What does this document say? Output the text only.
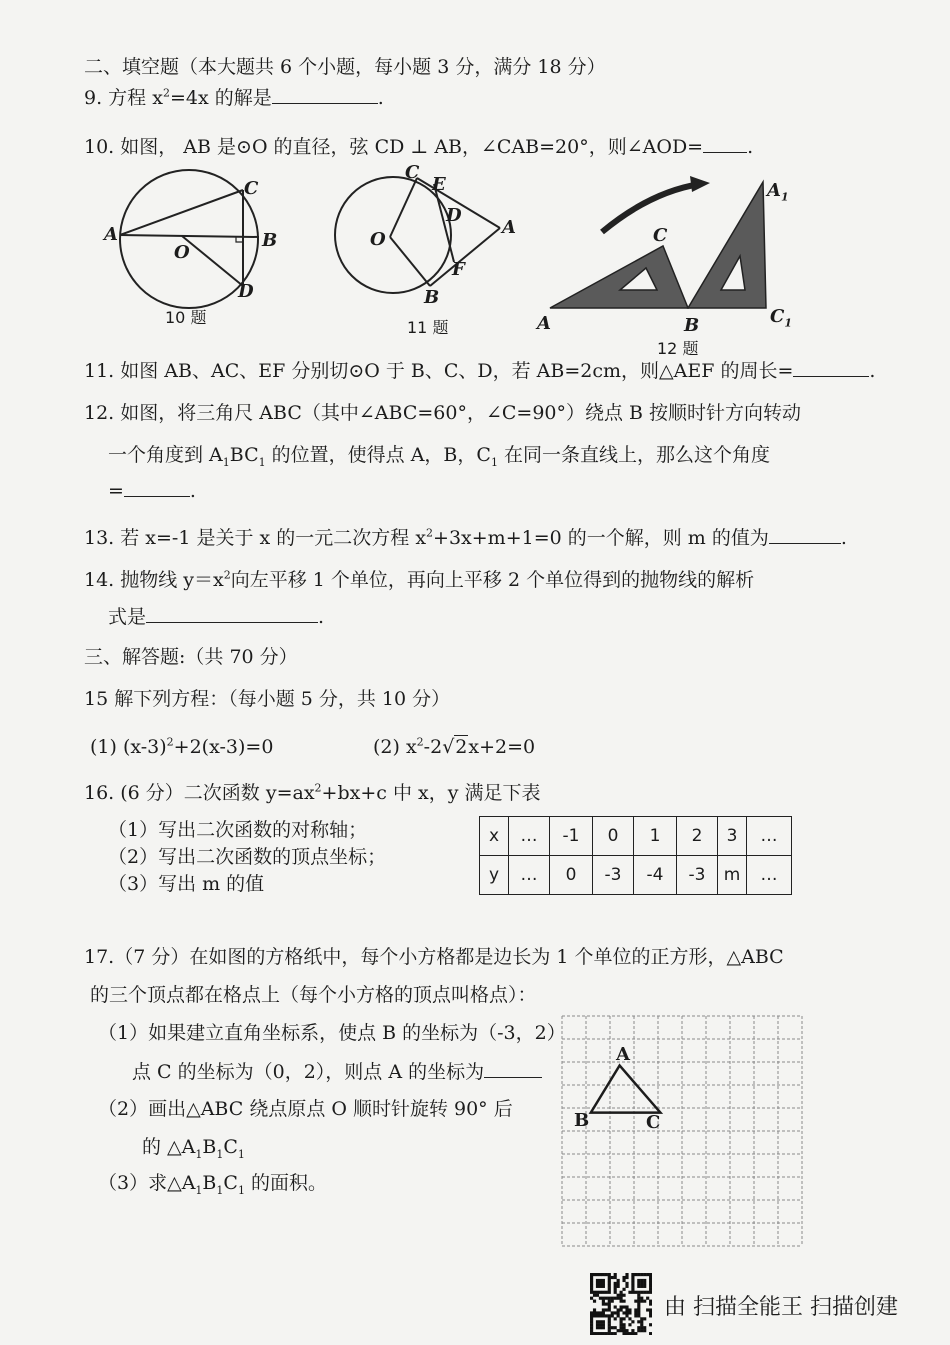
二、填空题（本大题共 6 个小题，每小题 3 分，满分 18 分）
9. 方程 $x^2=4x$ 的解是	.
10. 如图， AB 是⊙O 的直径，弦 CD ⊥ AB，∠CAB=20°，则∠AOD= .
A	B
C
D
O
10 题
C
E
D
A
F
B
O
11 题	A	B
C
$A_1$
$C_1$
12 题
11. 如图 AB、AC、EF 分别切⊙O 于 B、C、D，若 AB=2cm，则△AEF 的周长=	.
12. 如图，将三角尺 ABC（其中∠ABC=60°，∠C=90°）绕点 B 按顺时针方向转动
一个角度到 $A_1BC_1$ 的位置，使得点 A，B，$C_1$ 在同一条直线上，那么这个角度
=	.
13. 若 x=-1 是关于 x 的一元二次方程 $x^2+3x+m+1=0$ 的一个解，则 m 的值为	.
14. 抛物线 $y=x^2$向左平移 1 个单位，再向上平移 2 个单位得到的抛物线的解析
式是	.
三、解答题:（共 70 分）
15 解下列方程：（每小题 5 分，共 10 分）
(1) $(x-3)^2+2(x-3)=0$	(2) $x^2-2√2x+2=0$
16. (6 分）二次函数 $y=ax^2+bx+c$ 中 x，y 满足下表
（1）写出二次函数的对称轴；
（2）写出二次函数的顶点坐标；
（3）写出 m 的值
x	…	-1	0	1	2	3	…
y	…	0	-3	-4	-3	m	…
17.（7 分）在如图的方格纸中，每个小方格都是边长为 1 个单位的正方形，△ABC
的三个顶点都在格点上（每个小方格的顶点叫格点）：
（1）如果建立直角坐标系，使点 B 的坐标为（-3，2）
点 C 的坐标为（0，2），则点 A 的坐标为
（2）画出△ABC 绕点原点 O 顺时针旋转 90° 后
的 $\triangle A_1B_1C_1$
（3）求$\triangle A_1B_1C_1$ 的面积。
A
B	C
由 扫描全能王 扫描创建
